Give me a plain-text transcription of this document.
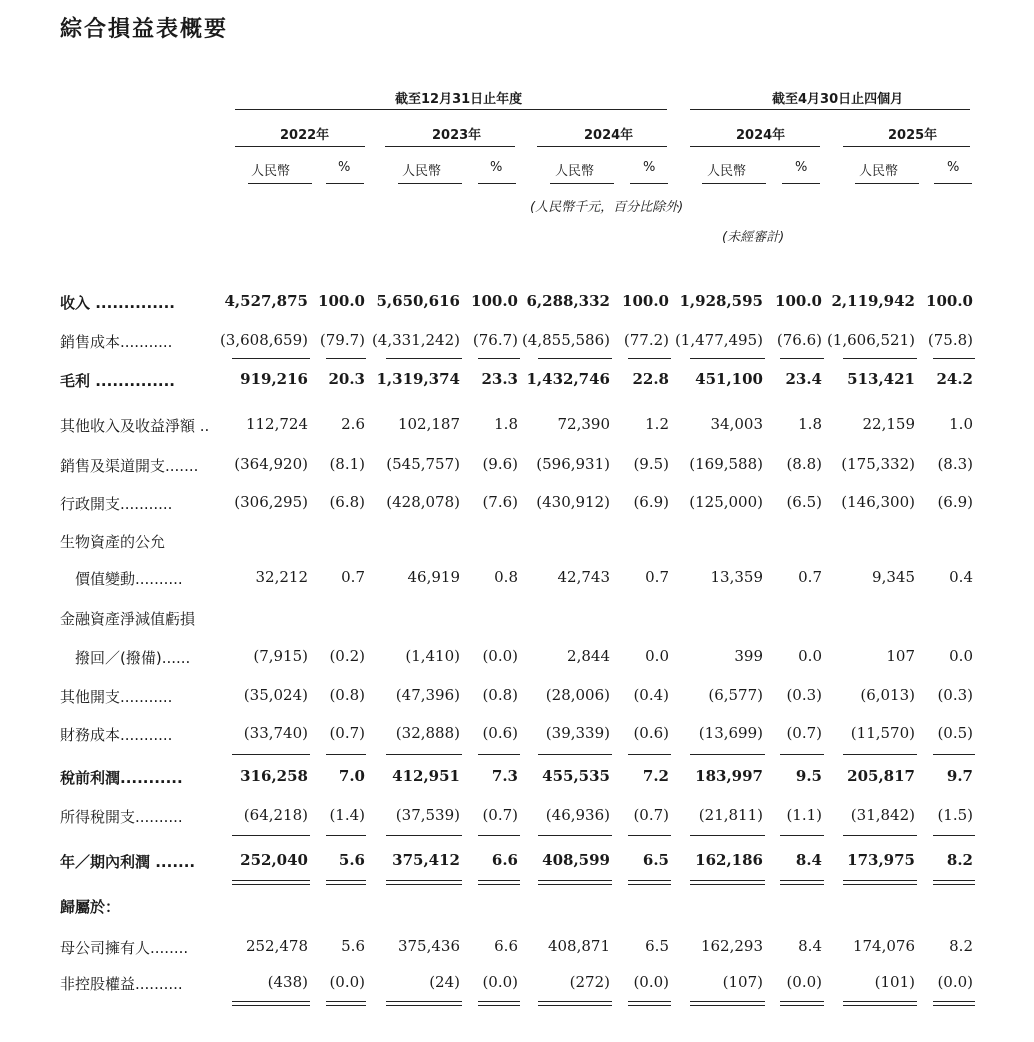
綜合損益表概要
截至12月31日止年度	截至4月30日止四個月
2022年	2023年	2024年	2024年	2025年
人民幣	%	人民幣	%	人民幣	%	人民幣	%	人民幣	%
(人民幣千元，百分比除外)
(未經審計)
收入 ..............	4,527,875 100.0 5,650,616 100.0 6,288,332 100.0 1,928,595 100.0 2,119,942 100.0
銷售成本...........	(3,608,659) (79.7) (4,331,242) (76.7) (4,855,586) (77.2) (1,477,495) (76.6) (1,606,521) (75.8)
毛利 ..............	919,216 20.3 1,319,374 23.3 1,432,746 22.8 451,100 23.4 513,421 24.2
其他收入及收益淨額 .. 112,724 2.6 102,187 1.8	72,390 1.2	34,003 1.8	22,159 1.0
銷售及渠道開支....... (364,920) (8.1) (545,757) (9.6) (596,931) (9.5) (169,588) (8.8) (175,332) (8.3)
行政開支...........	(306,295) (6.8) (428,078) (7.6) (430,912) (6.9) (125,000) (6.5) (146,300) (6.9)
生物資產的公允
價值變動..........	32,212 0.7	46,919 0.8	42,743 0.7	13,359 0.7	9,345 0.4
金融資產淨減值虧損
撥回／(撥備)......	(7,915) (0.2)	(1,410) (0.0)	2,844 0.0	399 0.0	107 0.0
其他開支...........	(35,024) (0.8) (47,396) (0.8) (28,006) (0.4)	(6,577) (0.3)	(6,013) (0.3)
財務成本...........	(33,740) (0.7) (32,888) (0.6) (39,339) (0.6) (13,699) (0.7) (11,570) (0.5)
稅前利潤...........	316,258 7.0 412,951 7.3 455,535 7.2 183,997 9.5 205,817 9.7
所得稅開支..........	(64,218) (1.4) (37,539) (0.7) (46,936) (0.7) (21,811) (1.1) (31,842) (1.5)
年／期內利潤 .......	252,040 5.6 375,412 6.6 408,599 6.5 162,186 8.4 173,975 8.2
歸屬於：
母公司擁有人........	252,478 5.6 375,436 6.6 408,871 6.5 162,293 8.4 174,076 8.2
非控股權益..........	(438) (0.0)	(24) (0.0)	(272) (0.0)	(107) (0.0)	(101) (0.0)
